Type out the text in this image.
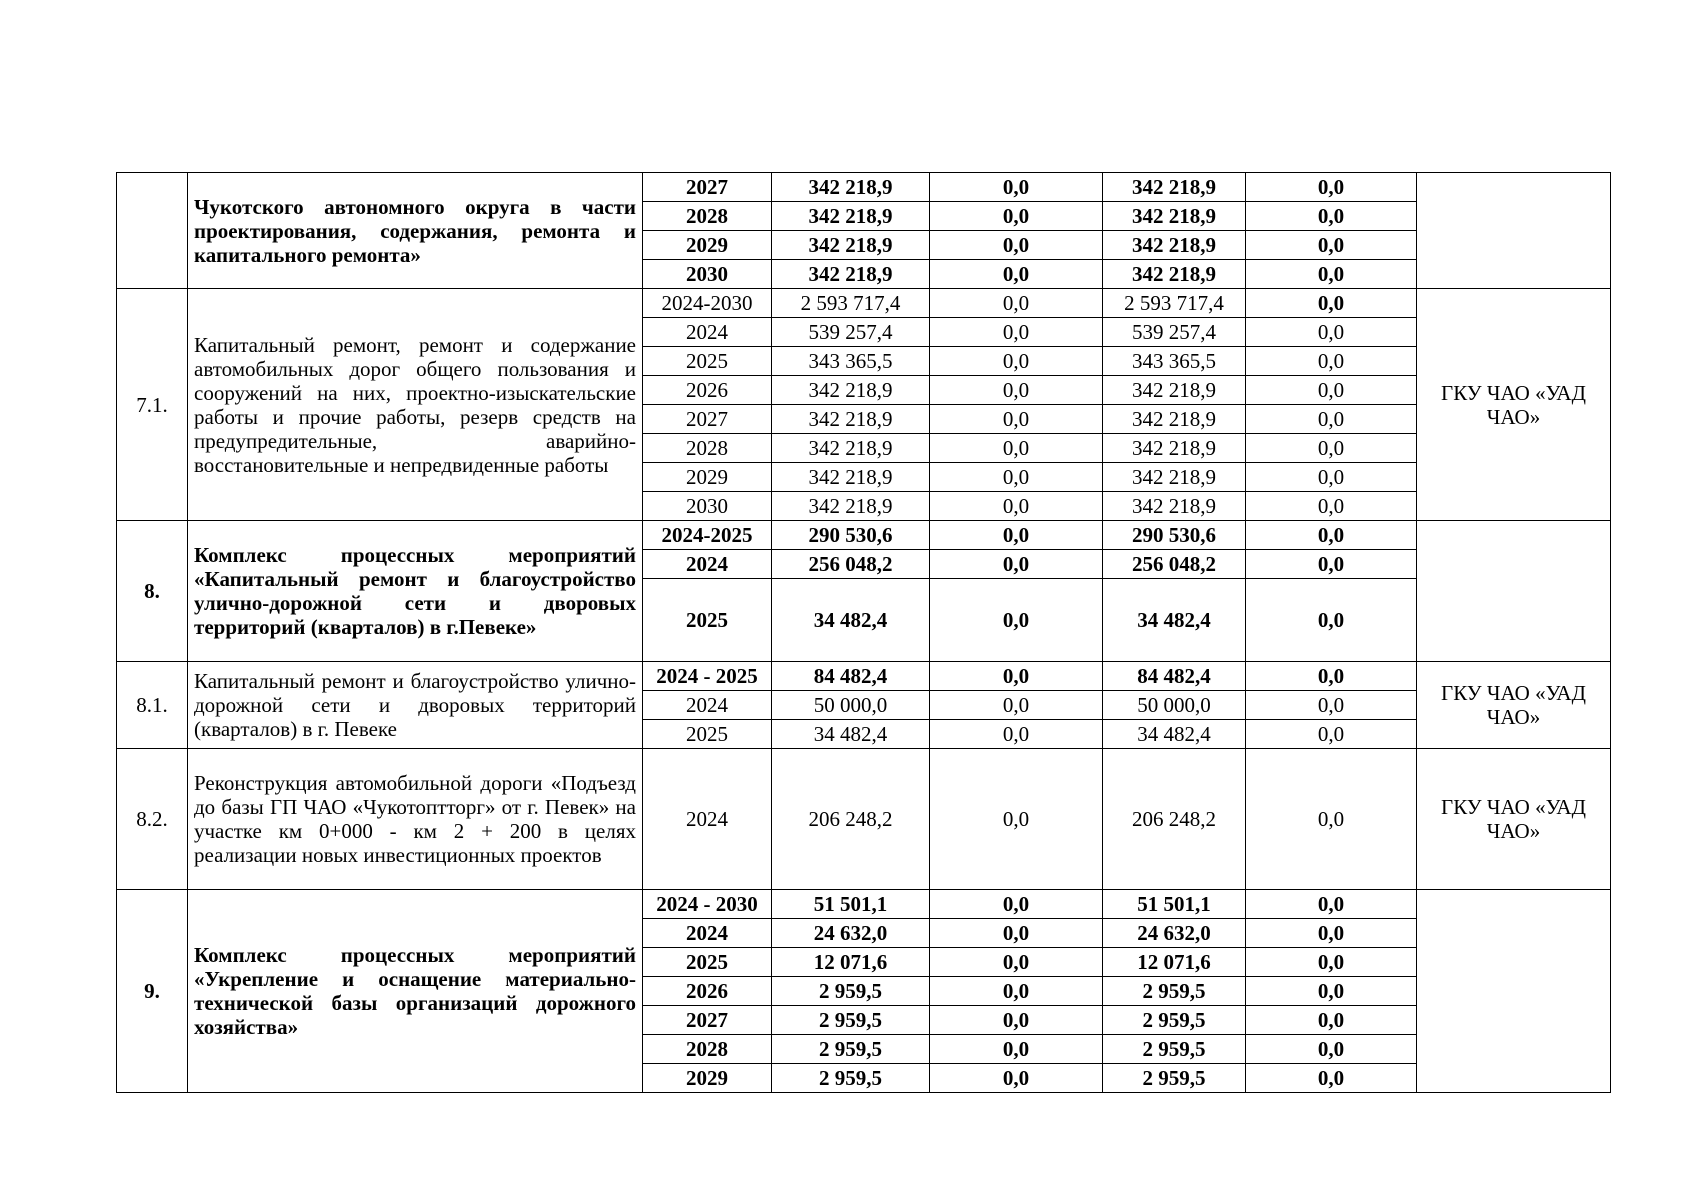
	Чукотского автономного округа в части проектирования, содержания, ремонта и капитального ремонта»	2027	342 218,9	0,0	342 218,9	0,0	
		2028	342 218,9	0,0	342 218,9	0,0	
		2029	342 218,9	0,0	342 218,9	0,0	
		2030	342 218,9	0,0	342 218,9	0,0	
7.1.	Капитальный ремонт, ремонт и содержание автомобильных дорог общего пользования и сооружений на них, проектно-изыскательские работы и прочие работы, резерв средств на предупредительные, аварийно-восстановительные и непредвиденные работы	2024-2030	2 593 717,4	0,0	2 593 717,4	0,0	ГКУ ЧАО «УАД ЧАО»
		2024	539 257,4	0,0	539 257,4	0,0	
		2025	343 365,5	0,0	343 365,5	0,0	
		2026	342 218,9	0,0	342 218,9	0,0	
		2027	342 218,9	0,0	342 218,9	0,0	
		2028	342 218,9	0,0	342 218,9	0,0	
		2029	342 218,9	0,0	342 218,9	0,0	
		2030	342 218,9	0,0	342 218,9	0,0	
8.	Комплекс процессных мероприятий «Капитальный ремонт и благоустройство улично-дорожной сети и дворовых территорий (кварталов) в г.Певеке»	2024-2025	290 530,6	0,0	290 530,6	0,0	
		2024	256 048,2	0,0	256 048,2	0,0	
		2025	34 482,4	0,0	34 482,4	0,0	
8.1.	Капитальный ремонт и благоустройство улично-дорожной сети и дворовых территорий (кварталов) в г. Певеке	2024 - 2025	84 482,4	0,0	84 482,4	0,0	ГКУ ЧАО «УАД ЧАО»
		2024	50 000,0	0,0	50 000,0	0,0	
		2025	34 482,4	0,0	34 482,4	0,0	
8.2.	Реконструкция автомобильной дороги «Подъезд до базы ГП ЧАО «Чукотоптторг» от г. Певек» на участке км 0+000 - км 2 + 200 в целях реализации новых инвестиционных проектов	2024	206 248,2	0,0	206 248,2	0,0	ГКУ ЧАО «УАД ЧАО»
9.	Комплекс процессных мероприятий «Укрепление и оснащение материально-технической базы организаций дорожного хозяйства»	2024 - 2030	51 501,1	0,0	51 501,1	0,0	
		2024	24 632,0	0,0	24 632,0	0,0	
		2025	12 071,6	0,0	12 071,6	0,0	
		2026	2 959,5	0,0	2 959,5	0,0	
		2027	2 959,5	0,0	2 959,5	0,0	
		2028	2 959,5	0,0	2 959,5	0,0	
		2029	2 959,5	0,0	2 959,5	0,0	
